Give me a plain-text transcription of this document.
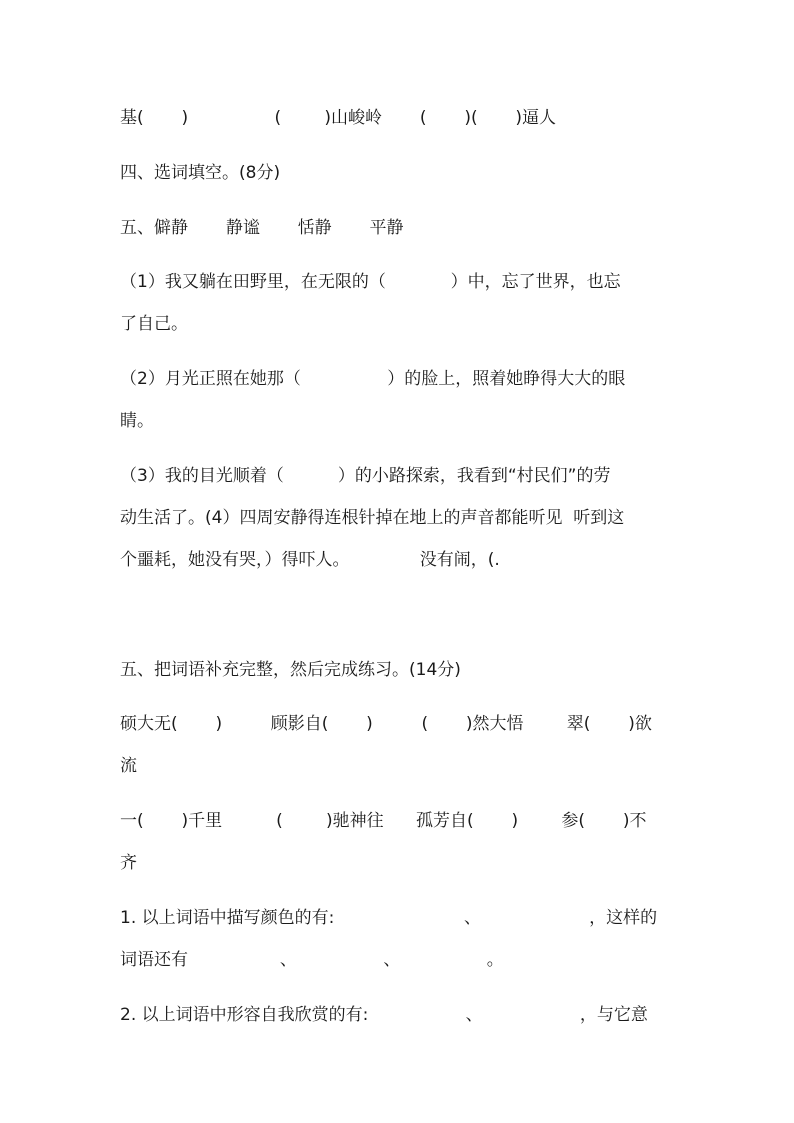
基(       )                (        )山峻岭       (       )(       )逼人
四、选词填空。(8分)
五、僻静       静谧       恬静       平静
（1）我又躺在田野里，在无限的（            ）中，忘了世界，也忘
了自己。
（2）月光正照在她那（                ）的脸上，照着她睁得大大的眼
睛。
（3）我的目光顺着（          ）的小路探索，我看到“村民们”的劳
动生活了。(4）四周安静得连根针掉在地上的声音都能听见  听到这
个噩耗，她没有哭，）得吓人。             没有闹，(.
五、把词语补充完整，然后完成练习。(14分)
硕大无(       )         顾影自(       )         (       )然大悟        翠(       )欲
流
一(       )千里          (        )驰神往      孤芳自(       )        参(       )不
齐
1. 以上词语中描写颜色的有:                        、                    ，这样的
词语还有                 、                、                。
2. 以上词语中形容自我欣赏的有:                  、                  ，与它意
